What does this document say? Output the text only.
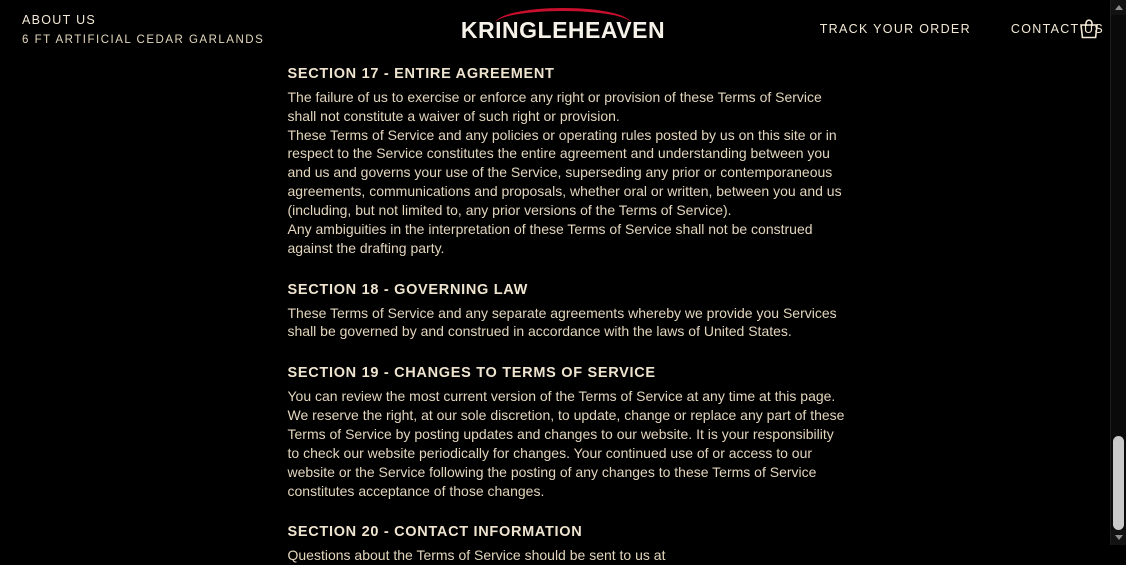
ABOUT US
6 FT ARTIFICIAL CEDAR GARLANDS	KRINGLEHEAVEN	TRACK YOUR ORDER	CONTACT US
SECTION 17 - ENTIRE AGREEMENT

The failure of us to exercise or enforce any right or provision of these Terms of Service shall not constitute a waiver of such right or provision.

These Terms of Service and any policies or operating rules posted by us on this site or in respect to the Service constitutes the entire agreement and understanding between you and us and governs your use of the Service, superseding any prior or contemporaneous agreements, communications and proposals, whether oral or written, between you and us (including, but not limited to, any prior versions of the Terms of Service).

Any ambiguities in the interpretation of these Terms of Service shall not be construed against the drafting party.

SECTION 18 - GOVERNING LAW

These Terms of Service and any separate agreements whereby we provide you Services shall be governed by and construed in accordance with the laws of United States.

SECTION 19 - CHANGES TO TERMS OF SERVICE

You can review the most current version of the Terms of Service at any time at this page.

We reserve the right, at our sole discretion, to update, change or replace any part of these Terms of Service by posting updates and changes to our website. It is your responsibility to check our website periodically for changes. Your continued use of or access to our website or the Service following the posting of any changes to these Terms of Service constitutes acceptance of those changes.

SECTION 20 - CONTACT INFORMATION

Questions about the Terms of Service should be sent to us at
